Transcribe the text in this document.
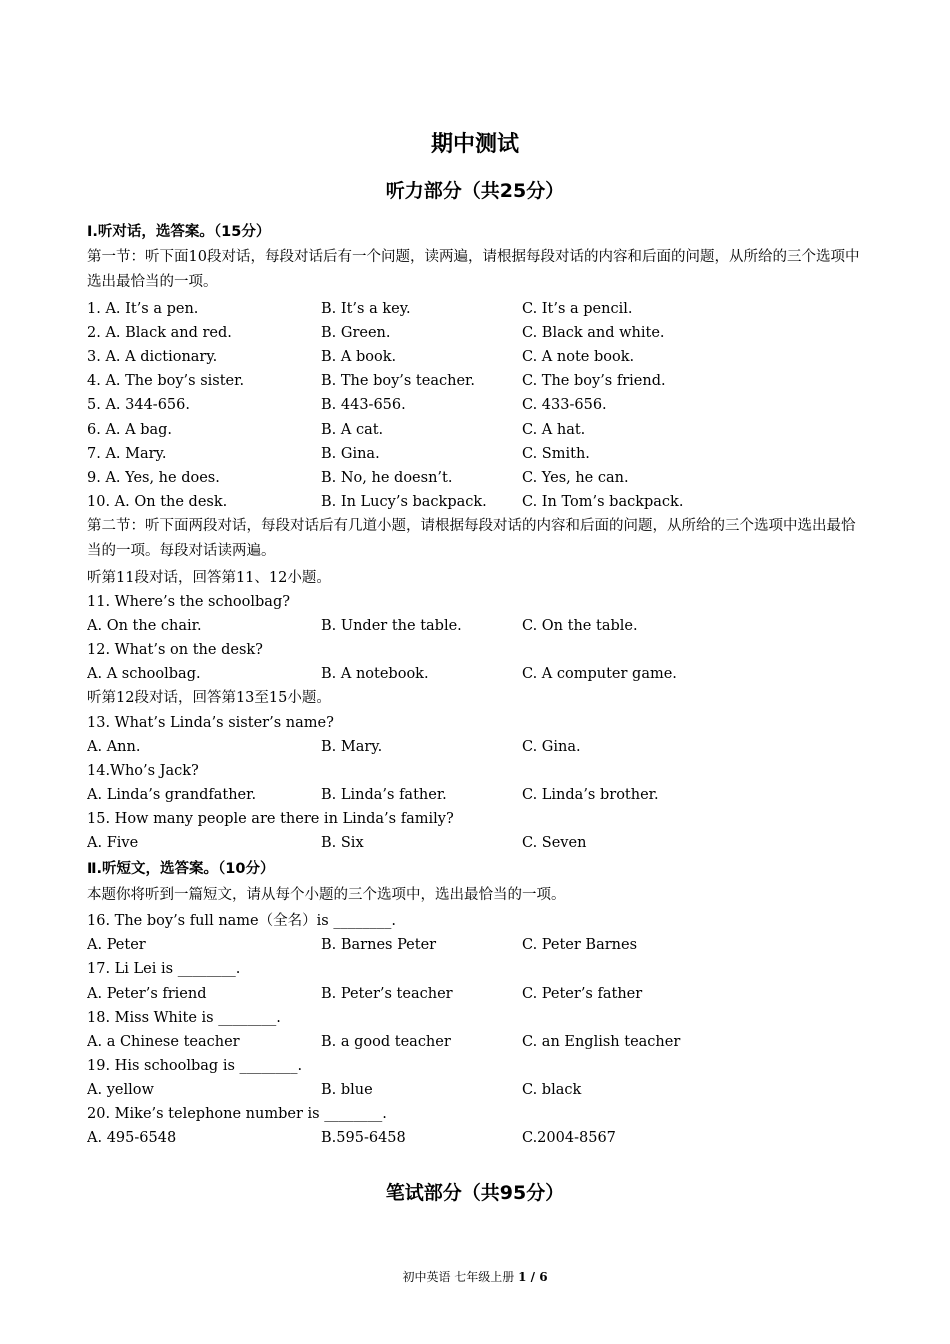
期中测试
听力部分（共25分）
Ⅰ.听对话，选答案。（15分）
第一节：听下面10段对话，每段对话后有一个问题，读两遍，请根据每段对话的内容和后面的问题，从所给的三个选项中选出最恰当的一项。
1. A. It’s a pen.	B. It’s a key.	C. It’s a pencil.
2. A. Black and red.	B. Green.	C. Black and white.
3. A. A dictionary.	B. A book.	C. A note book.
4. A. The boy’s sister.	B. The boy’s teacher.	C. The boy’s friend.
5. A. 344-656.	B. 443-656.	C. 433-656.
6. A. A bag.	B. A cat.	C. A hat.
7. A. Mary.	B. Gina.	C. Smith.
9. A. Yes, he does.	B. No, he doesn’t.	C. Yes, he can.
10. A. On the desk.	B. In Lucy’s backpack.	C. In Tom’s backpack.
第二节：听下面两段对话，每段对话后有几道小题，请根据每段对话的内容和后面的问题，从所给的三个选项中选出最恰当的一项。每段对话读两遍。
听第11段对话，回答第11、12小题。
11. Where’s the schoolbag?
A. On the chair.	B. Under the table.	C. On the table.
12. What’s on the desk?
A. A schoolbag.	B. A notebook.	C. A computer game.
听第12段对话，回答第13至15小题。
13. What’s Linda’s sister’s name?
A. Ann.	B. Mary.	C. Gina.
14.Who’s Jack?
A. Linda’s grandfather.	B. Linda’s father.	C. Linda’s brother.
15. How many people are there in Linda’s family?
A. Five	B. Six	C. Seven
Ⅱ.听短文，选答案。（10分）
本题你将听到一篇短文，请从每个小题的三个选项中，选出最恰当的一项。
16. The boy’s full name（全名）is ________.
A. Peter	B. Barnes Peter	C. Peter Barnes
17. Li Lei is ________.
A. Peter’s friend	B. Peter’s teacher	C. Peter’s father
18. Miss White is ________.
A. a Chinese teacher	B. a good teacher	C. an English teacher
19. His schoolbag is ________.
A. yellow	B. blue	C. black
20. Mike’s telephone number is ________.
A. 495-6548	B.595-6458	C.2004-8567
笔试部分（共95分）
初中英语 七年级上册 1 / 6
